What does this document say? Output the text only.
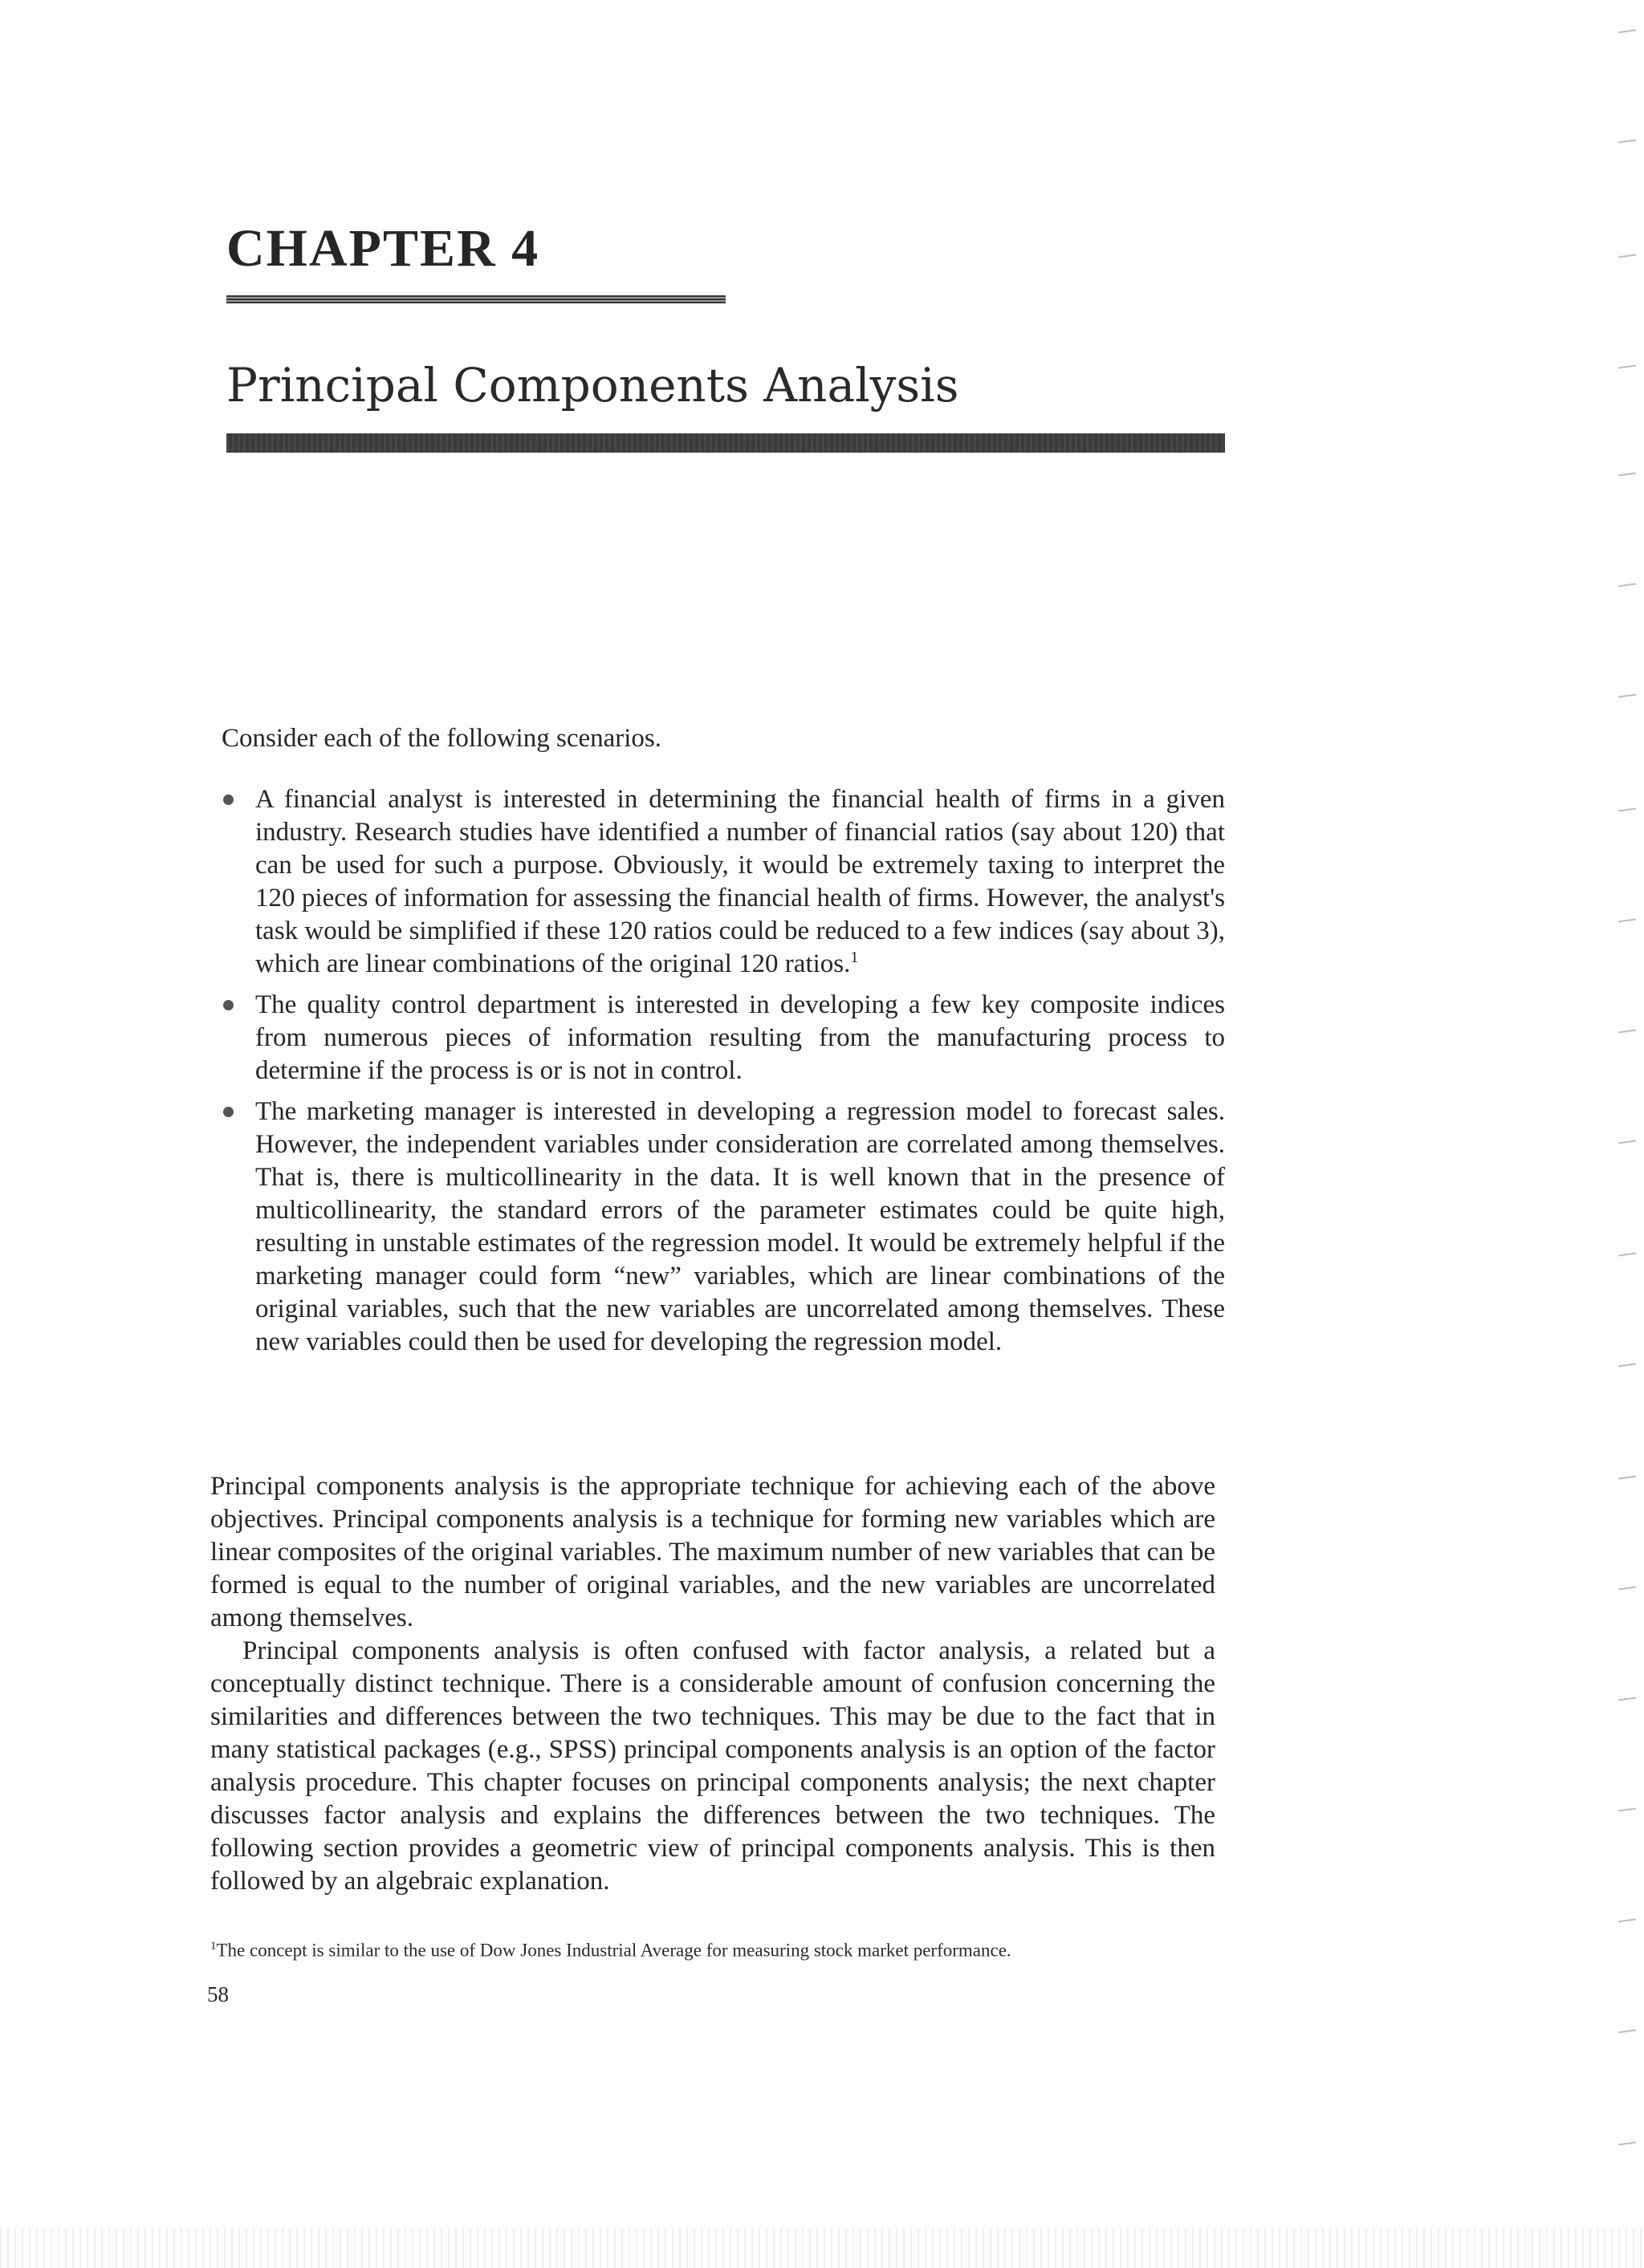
CHAPTER 4
Principal Components Analysis

Consider each of the following scenarios.

A financial analyst is interested in determining the financial health of firms in a given industry. Research studies have identified a number of financial ratios (say about 120) that can be used for such a purpose. Obviously, it would be extremely taxing to interpret the 120 pieces of information for assessing the financial health of firms. However, the analyst's task would be simplified if these 120 ratios could be reduced to a few indices (say about 3), which are linear combinations of the original 120 ratios.$^1$
The quality control department is interested in developing a few key composite indices from numerous pieces of information resulting from the manufacturing process to determine if the process is or is not in control.
The marketing manager is interested in developing a regression model to forecast sales. However, the independent variables under consideration are correlated among themselves. That is, there is multicollinearity in the data. It is well known that in the presence of multicollinearity, the standard errors of the parameter estimates could be quite high, resulting in unstable estimates of the regression model. It would be extremely helpful if the marketing manager could form “new” variables, which are linear combinations of the original variables, such that the new variables are uncorrelated among themselves. These new variables could then be used for developing the regression model.

Principal components analysis is the appropriate technique for achieving each of the above objectives. Principal components analysis is a technique for forming new variables which are linear composites of the original variables. The maximum number of new variables that can be formed is equal to the number of original variables, and the new variables are uncorrelated among themselves.

Principal components analysis is often confused with factor analysis, a related but a conceptually distinct technique. There is a considerable amount of confusion concerning the similarities and differences between the two techniques. This may be due to the fact that in many statistical packages (e.g., SPSS) principal components analysis is an option of the factor analysis procedure. This chapter focuses on principal components analysis; the next chapter discusses factor analysis and explains the differences between the two techniques. The following section provides a geometric view of principal components analysis. This is then followed by an algebraic explanation.

$^1$The concept is similar to the use of Dow Jones Industrial Average for measuring stock market performance.

58
